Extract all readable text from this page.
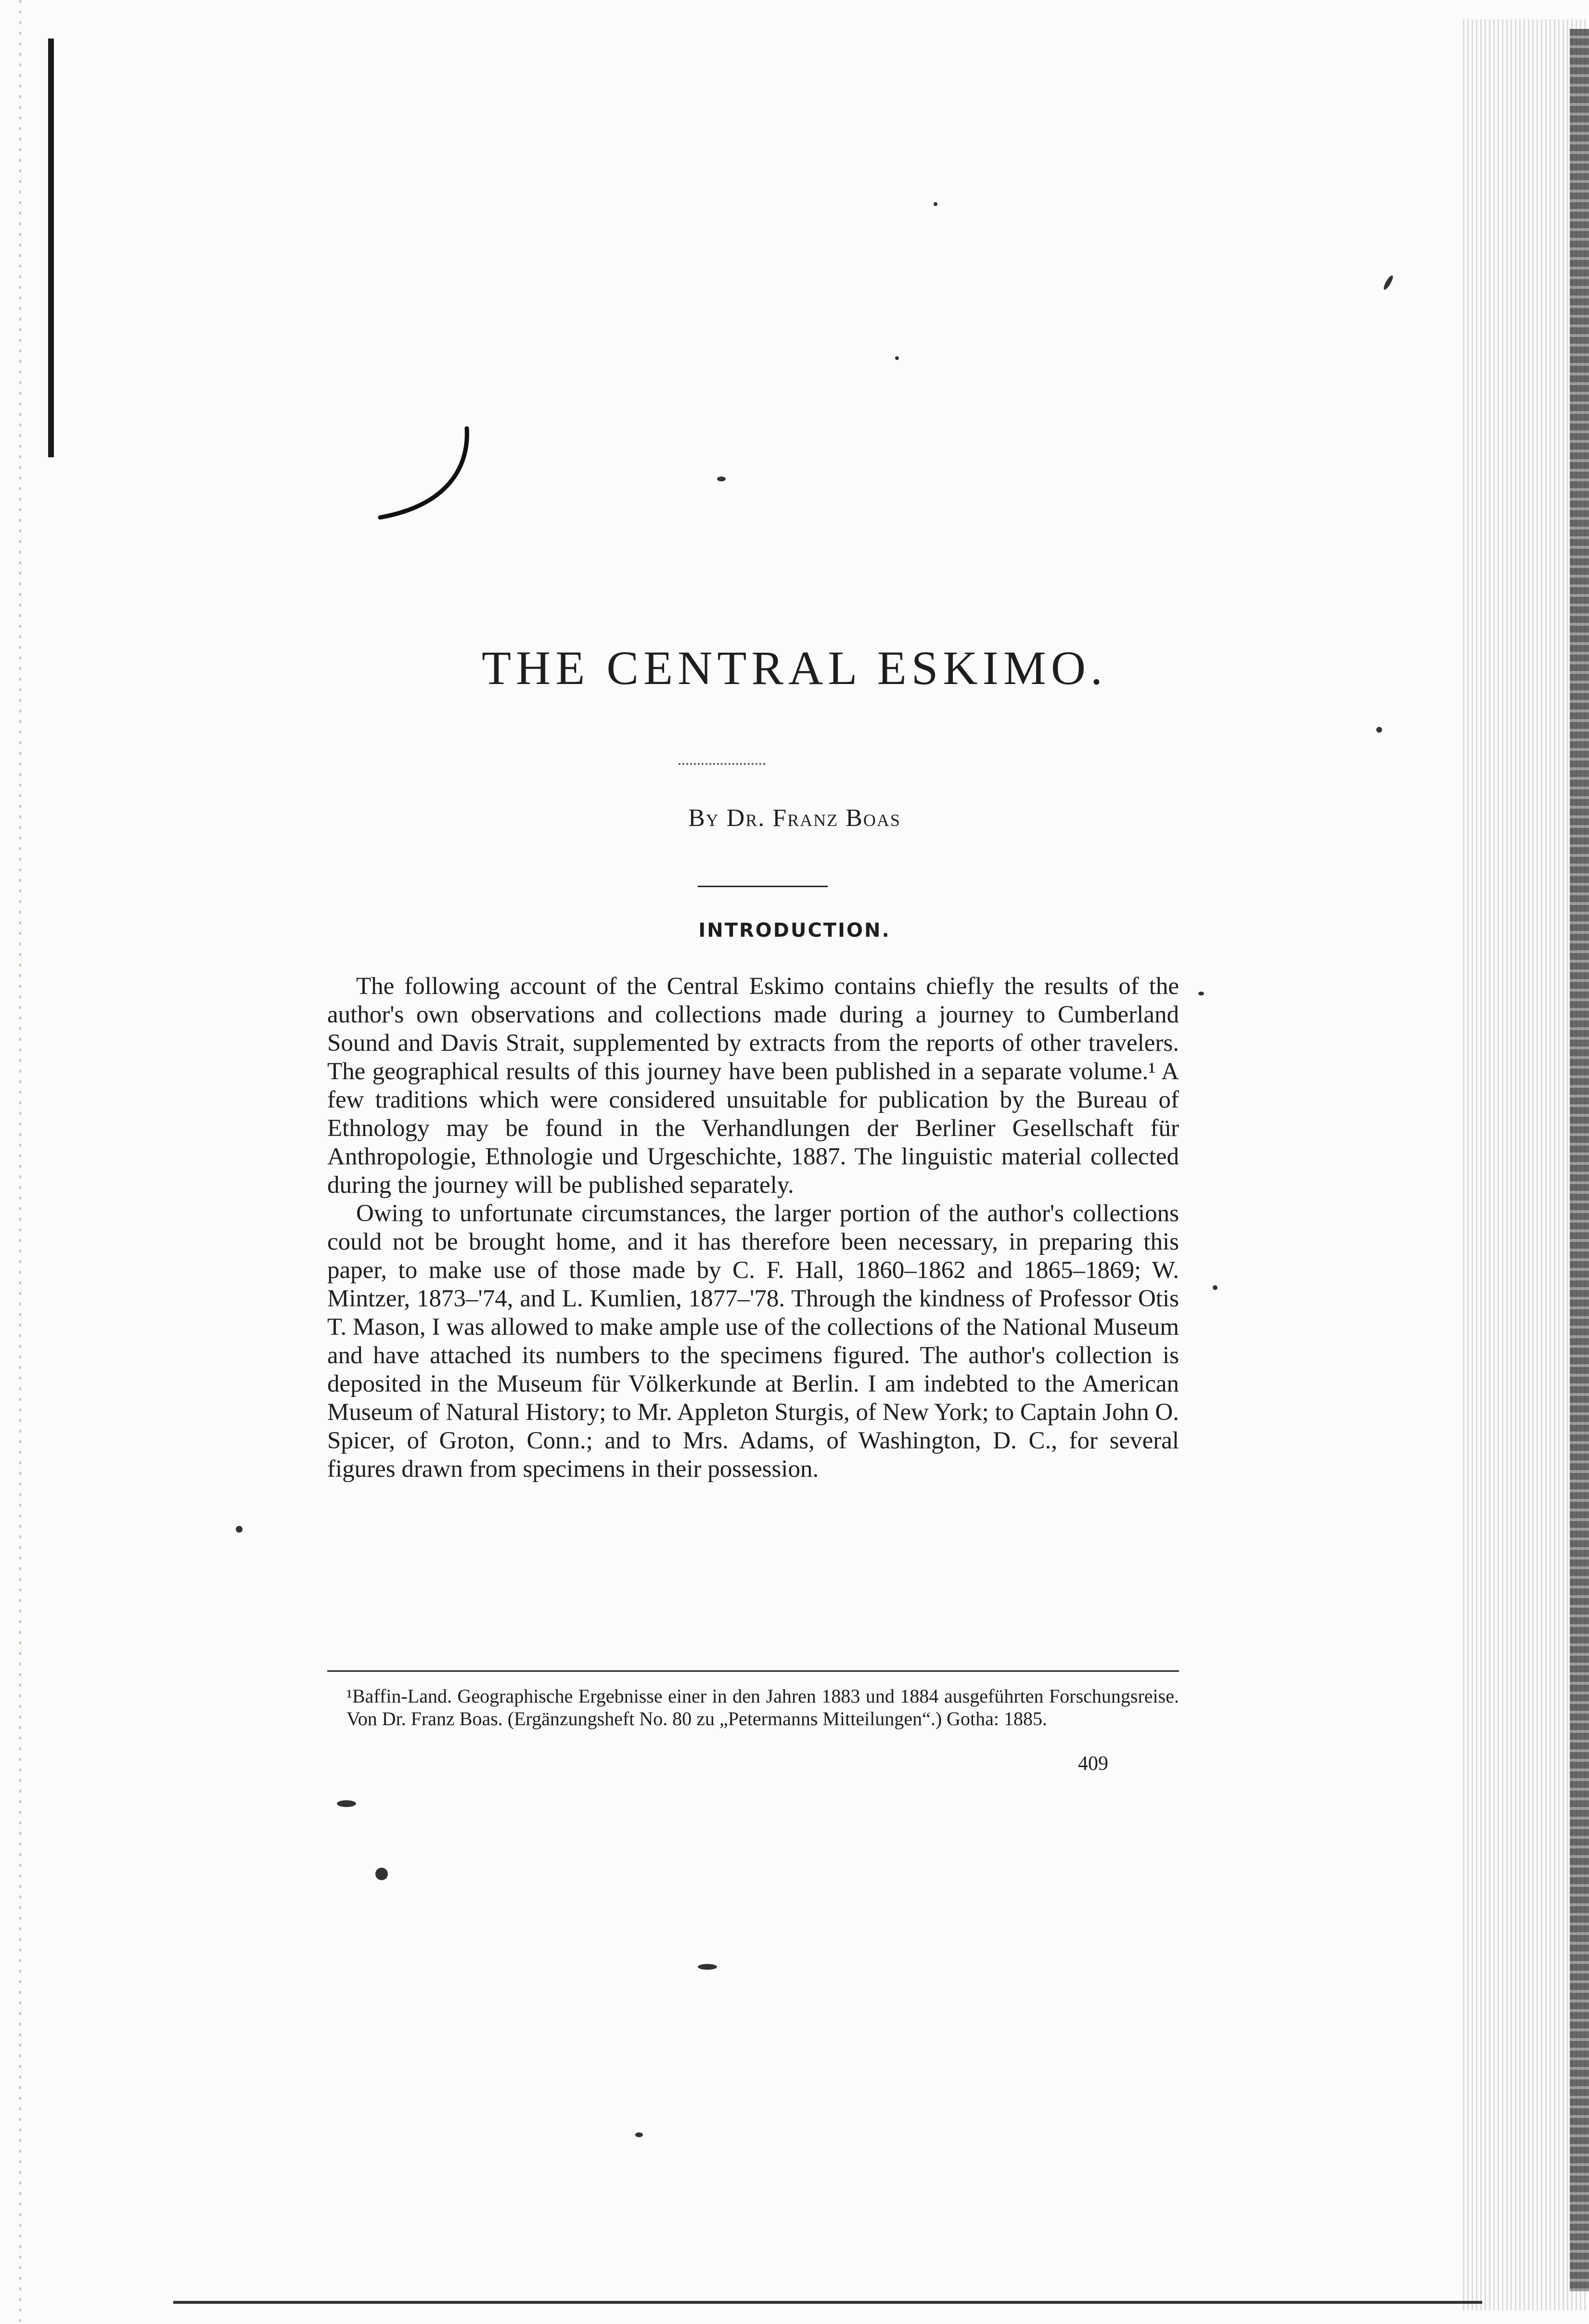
THE CENTRAL ESKIMO.
By Dr. Franz Boas
INTRODUCTION.

The following account of the Central Eskimo contains chiefly the results of the author's own observations and collections made during a journey to Cumberland Sound and Davis Strait, supplemented by extracts from the reports of other travelers. The geographical results of this journey have been published in a separate volume.¹ A few traditions which were considered unsuitable for publication by the Bureau of Ethnology may be found in the Verhandlungen der Berliner Gesellschaft für Anthropologie, Ethnologie und Urgeschichte, 1887. The linguistic material collected during the journey will be published separately.

Owing to unfortunate circumstances, the larger portion of the author's collections could not be brought home, and it has therefore been necessary, in preparing this paper, to make use of those made by C. F. Hall, 1860–1862 and 1865–1869; W. Mintzer, 1873–'74, and L. Kumlien, 1877–'78. Through the kindness of Professor Otis T. Mason, I was allowed to make ample use of the collections of the National Museum and have attached its numbers to the specimens figured. The author's collection is deposited in the Museum für Völkerkunde at Berlin. I am indebted to the American Museum of Natural History; to Mr. Appleton Sturgis, of New York; to Captain John O. Spicer, of Groton, Conn.; and to Mrs. Adams, of Washington, D. C., for several figures drawn from specimens in their possession.

¹Baffin-Land. Geographische Ergebnisse einer in den Jahren 1883 und 1884 ausgeführten Forschungsreise. Von Dr. Franz Boas. (Ergänzungsheft No. 80 zu „Petermanns Mitteilungen“.) Gotha: 1885.

409
